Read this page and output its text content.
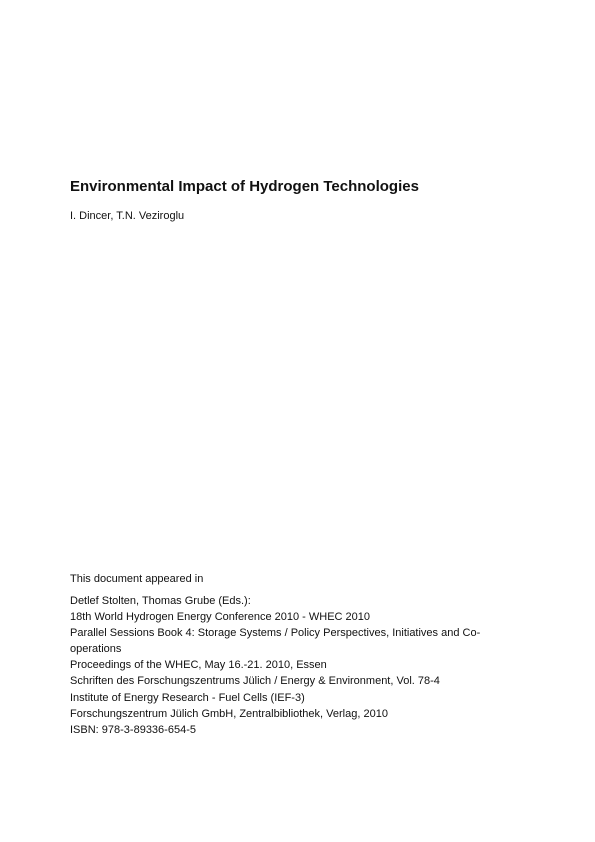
Environmental Impact of Hydrogen Technologies
I. Dincer, T.N. Veziroglu
This document appeared in
Detlef Stolten, Thomas Grube (Eds.):
18th World Hydrogen Energy Conference 2010 - WHEC 2010
Parallel Sessions Book 4: Storage Systems / Policy Perspectives, Initiatives and Co-
operations
Proceedings of the WHEC, May 16.-21. 2010, Essen
Schriften des Forschungszentrums Jülich / Energy & Environment, Vol. 78-4
Institute of Energy Research - Fuel Cells (IEF-3)
Forschungszentrum Jülich GmbH, Zentralbibliothek, Verlag, 2010
ISBN: 978-3-89336-654-5
